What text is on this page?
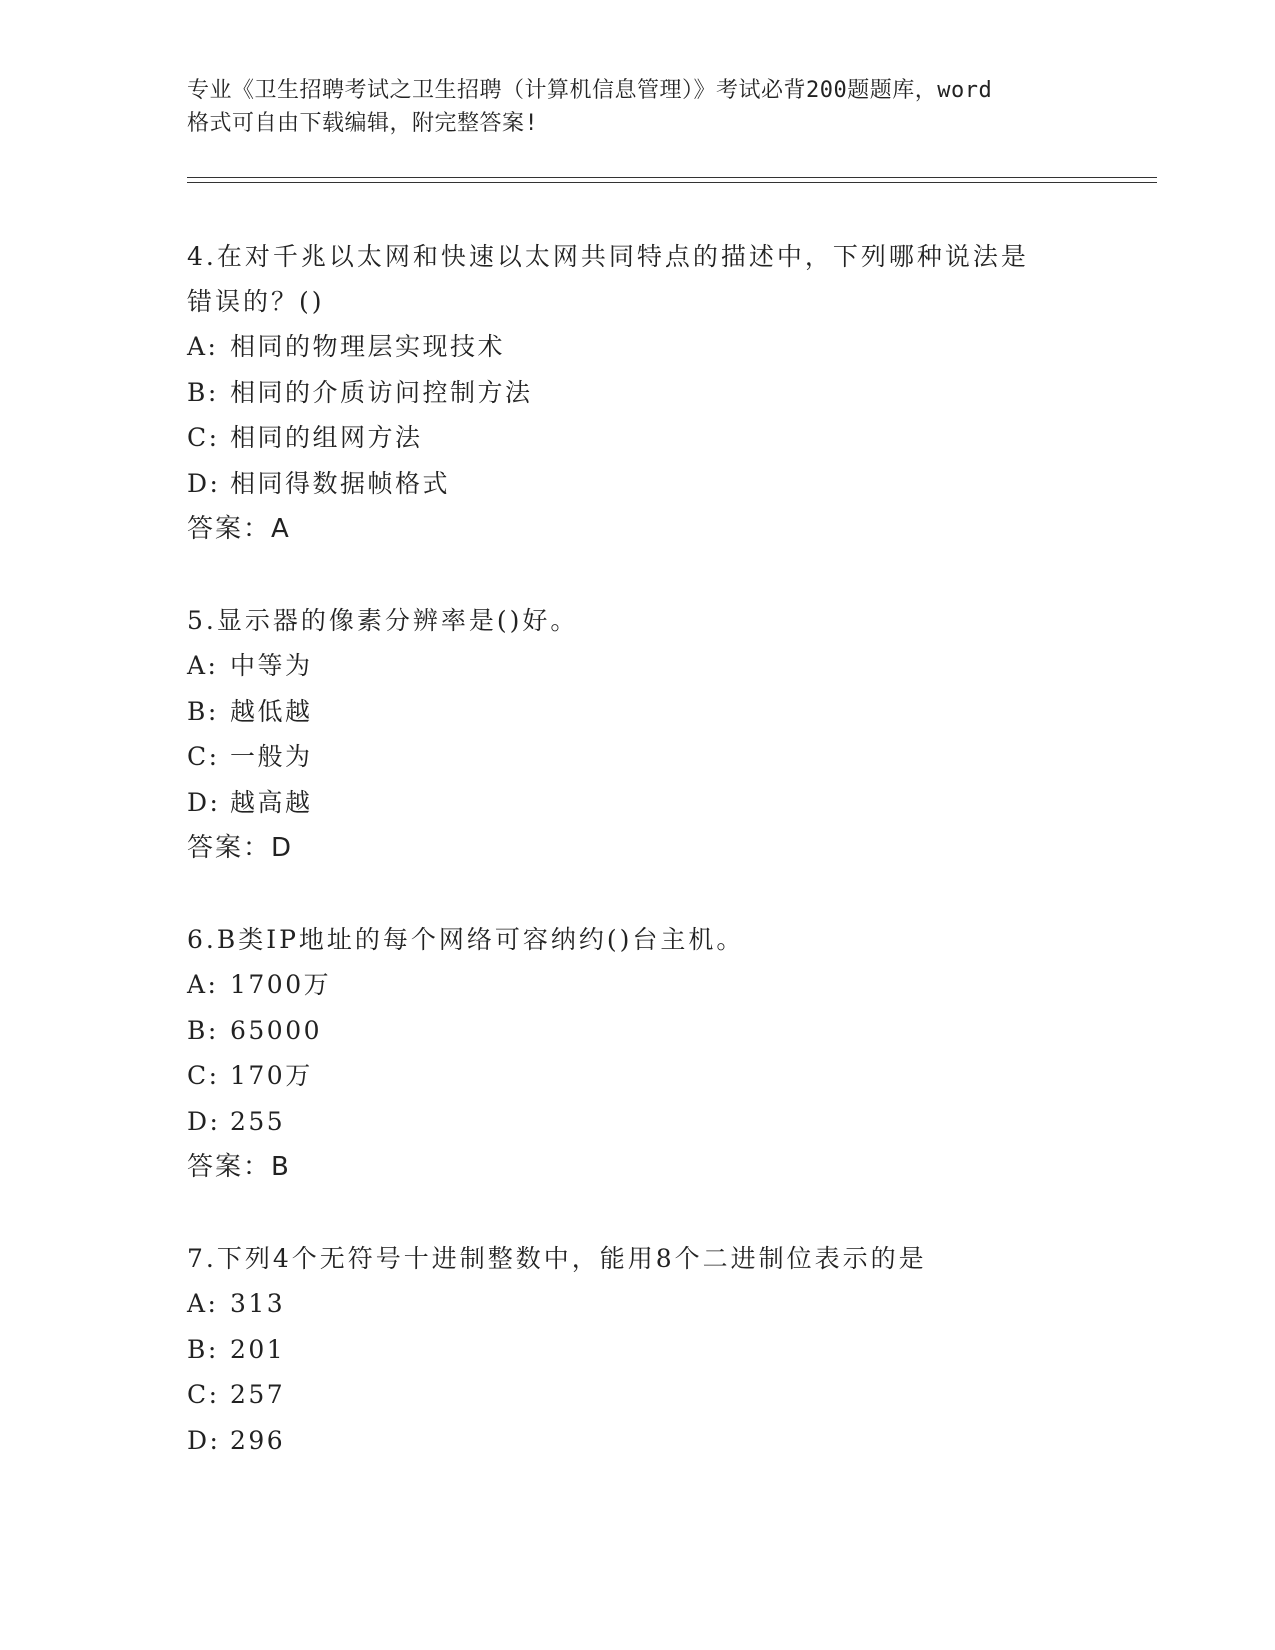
专业《卫生招聘考试之卫生招聘（计算机信息管理）》考试必背200题题库，word
格式可自由下载编辑，附完整答案!
4.在对千兆以太网和快速以太网共同特点的描述中，下列哪种说法是
错误的？()
A: 相同的物理层实现技术
B: 相同的介质访问控制方法
C: 相同的组网方法
D: 相同得数据帧格式
答案：A
5.显示器的像素分辨率是()好。
A: 中等为
B: 越低越
C: 一般为
D: 越高越
答案：D
6.B类IP地址的每个网络可容纳约()台主机。
A: 1700万
B: 65000
C: 170万
D: 255
答案：B
7.下列4个无符号十进制整数中，能用8个二进制位表示的是
A: 313
B: 201
C: 257
D: 296
